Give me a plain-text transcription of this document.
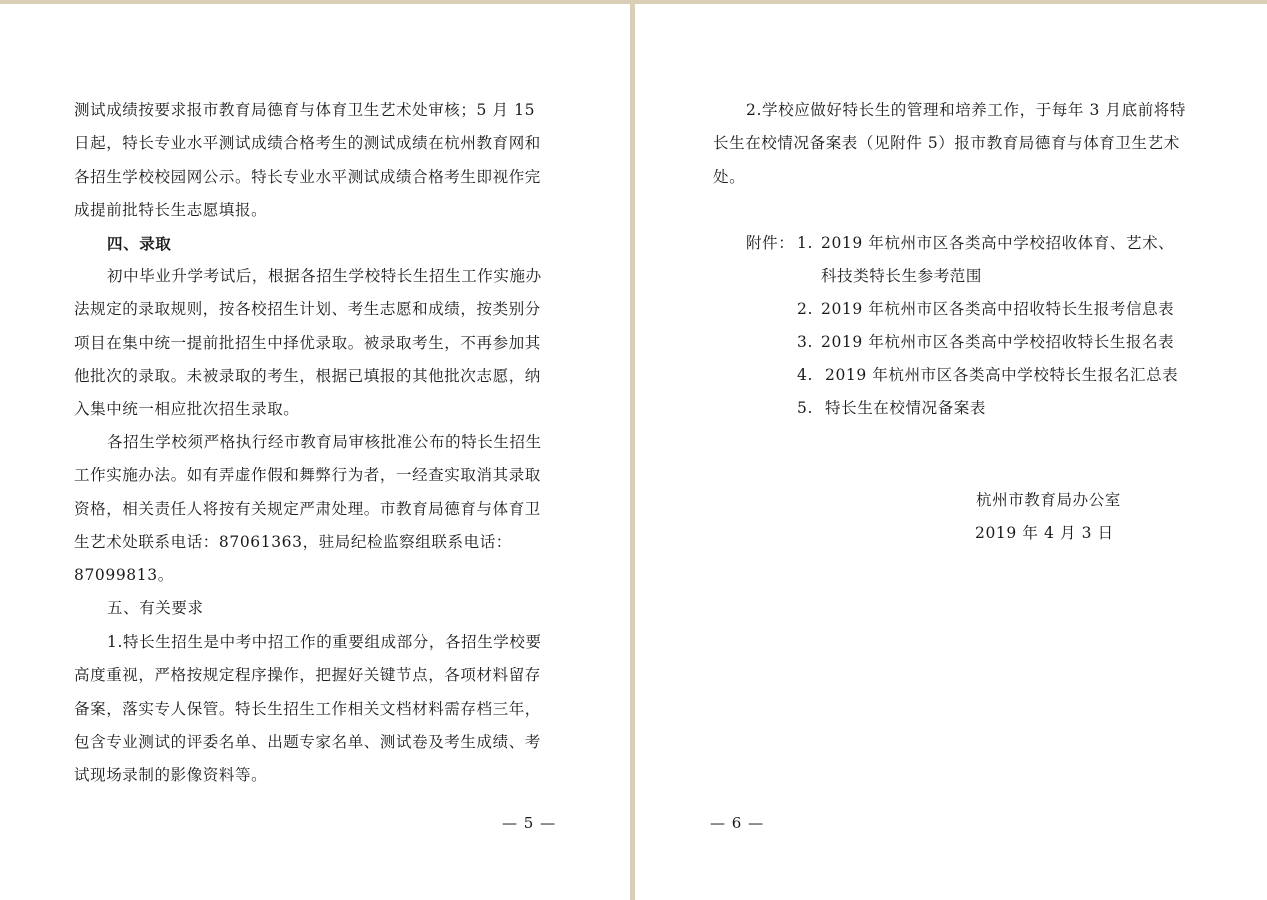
测试成绩按要求报市教育局德育与体育卫生艺术处审核；5 月 15 日起，特长专业水平测试成绩合格考生的测试成绩在杭州教育网和各招生学校校园网公示。特长专业水平测试成绩合格考生即视作完成提前批特长生志愿填报。

四、录取

初中毕业升学考试后，根据各招生学校特长生招生工作实施办法规定的录取规则，按各校招生计划、考生志愿和成绩，按类别分项目在集中统一提前批招生中择优录取。被录取考生，不再参加其他批次的录取。未被录取的考生，根据已填报的其他批次志愿，纳入集中统一相应批次招生录取。

各招生学校须严格执行经市教育局审核批准公布的特长生招生工作实施办法。如有弄虚作假和舞弊行为者，一经查实取消其录取资格，相关责任人将按有关规定严肃处理。市教育局德育与体育卫生艺术处联系电话：87061363，驻局纪检监察组联系电话：87099813。

五、有关要求

1.特长生招生是中考中招工作的重要组成部分，各招生学校要高度重视，严格按规定程序操作，把握好关键节点，各项材料留存备案，落实专人保管。特长生招生工作相关文档材料需存档三年，包含专业测试的评委名单、出题专家名单、测试卷及考生成绩、考试现场录制的影像资料等。

— 5 —

2.学校应做好特长生的管理和培养工作，于每年 3 月底前将特长生在校情况备案表（见附件 5）报市教育局德育与体育卫生艺术处。

附件： 1. 2019 年杭州市区各类高中学校招收体育、艺术、
科技类特长生参考范围
2. 2019 年杭州市区各类高中招收特长生报考信息表
3. 2019 年杭州市区各类高中学校招收特长生报名表
4. 2019 年杭州市区各类高中学校特长生报名汇总表
5. 特长生在校情况备案表
杭州市教育局办公室
2019 年 4 月 3 日
— 6 —
